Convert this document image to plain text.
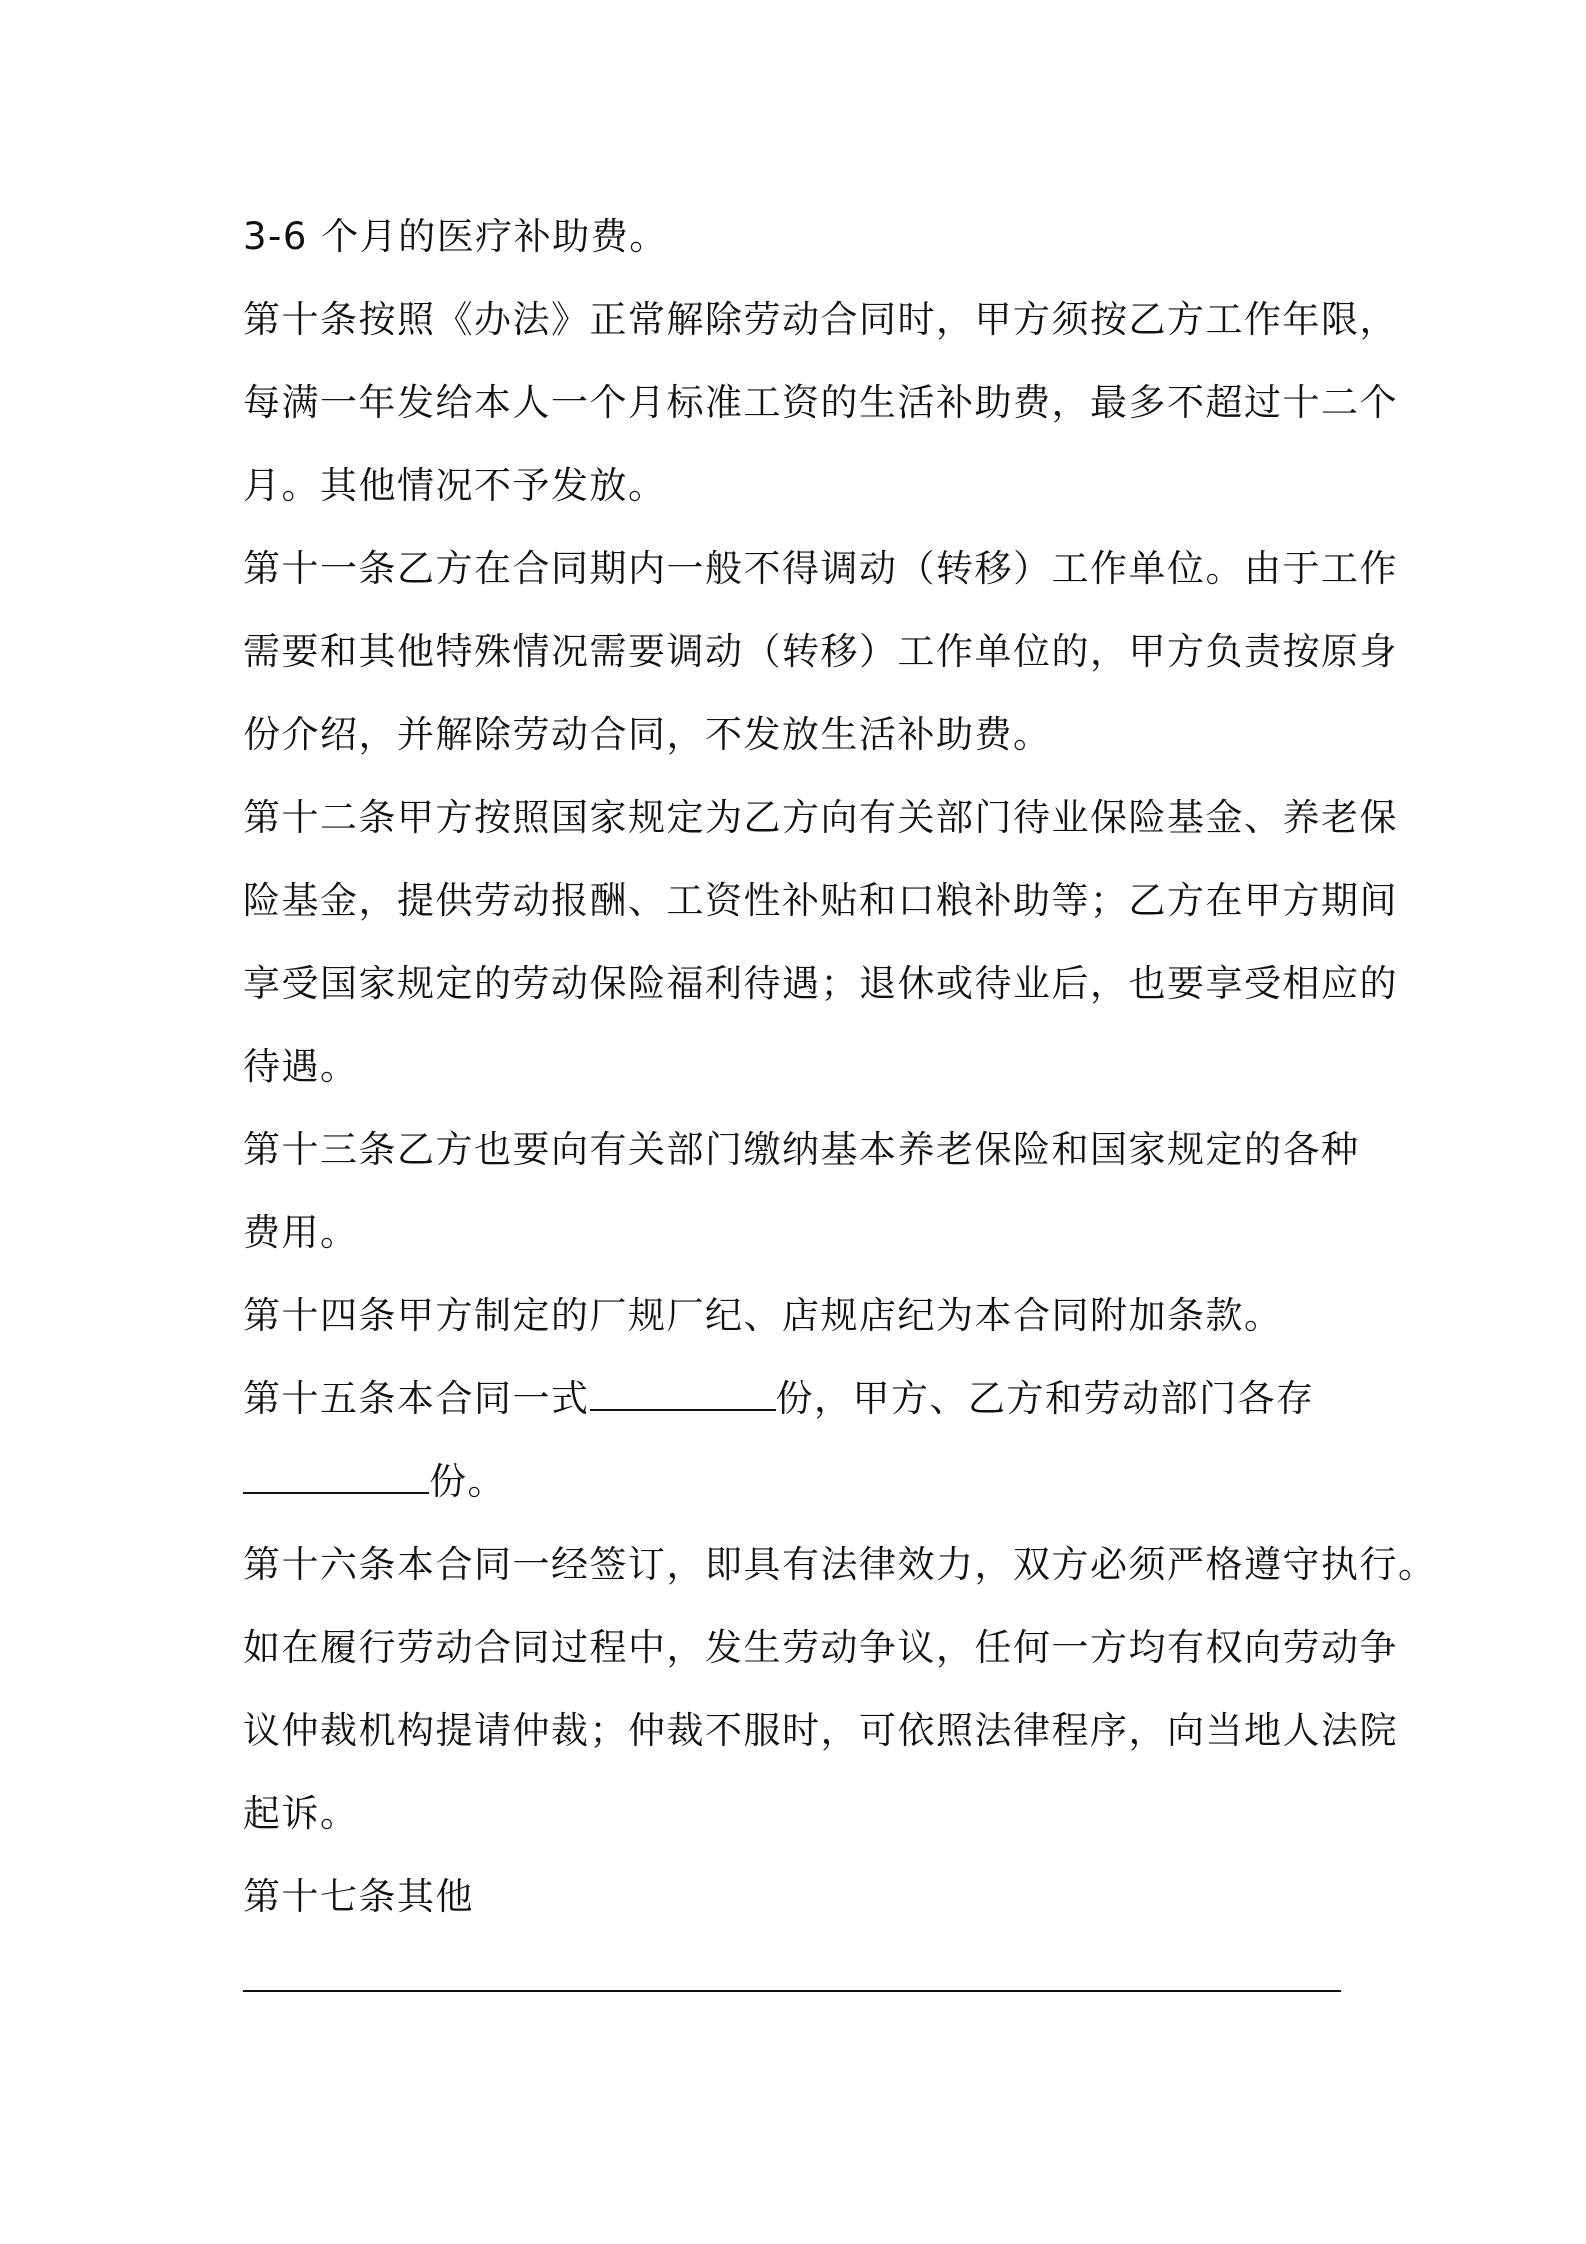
3-6 个月的医疗补助费。
第十条按照《办法》正常解除劳动合同时，甲方须按乙方工作年限，
每满一年发给本人一个月标准工资的生活补助费，最多不超过十二个
月。其他情况不予发放。
第十一条乙方在合同期内一般不得调动（转移）工作单位。由于工作
需要和其他特殊情况需要调动（转移）工作单位的，甲方负责按原身
份介绍，并解除劳动合同，不发放生活补助费。
第十二条甲方按照国家规定为乙方向有关部门待业保险基金、养老保
险基金，提供劳动报酬、工资性补贴和口粮补助等；乙方在甲方期间
享受国家规定的劳动保险福利待遇；退休或待业后，也要享受相应的
待遇。
第十三条乙方也要向有关部门缴纳基本养老保险和国家规定的各种
费用。
第十四条甲方制定的厂规厂纪、店规店纪为本合同附加条款。
第十五条本合同一式	份，甲方、乙方和劳动部门各存
份。
第十六条本合同一经签订，即具有法律效力，双方必须严格遵守执行。
如在履行劳动合同过程中，发生劳动争议，任何一方均有权向劳动争
议仲裁机构提请仲裁；仲裁不服时，可依照法律程序，向当地人法院
起诉。
第十七条其他
